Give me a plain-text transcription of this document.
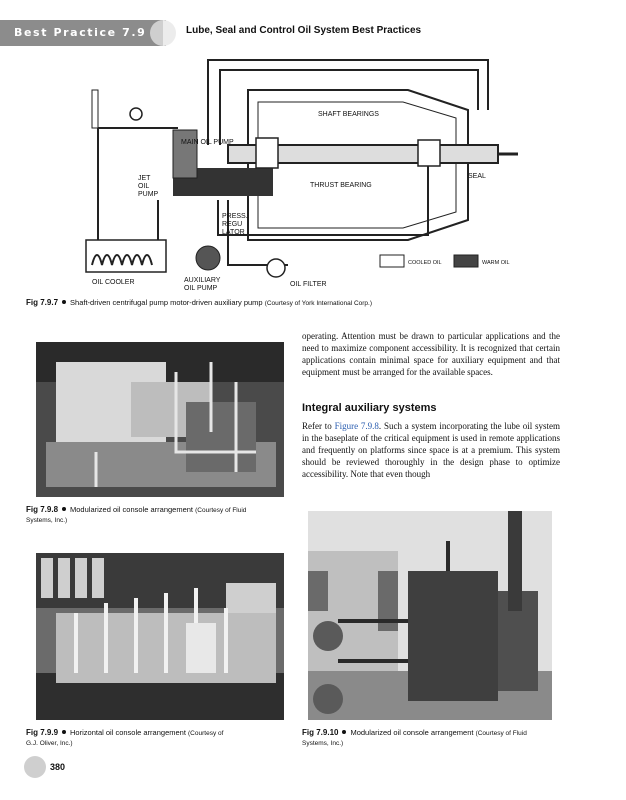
Best Practice 7.9	Lube, Seal and Control Oil System Best Practices
SHAFT BEARINGS
MAIN OIL PUMP
JET
OIL
PUMP
SEAL
THRUST BEARING
PRESS.
REGU
LATOR
OIL COOLER	AUXILIARY
OIL PUMP
OIL FILTER
COOLED OIL	WARM OIL
Fig 7.9.7 Shaft-driven centrifugal pump motor-driven auxiliary pump (Courtesy of York International Corp.)
Fig 7.9.8 Modularized oil console arrangement (Courtesy of Fluid
Systems, Inc.)
operating. Attention must be drawn to particular applications and the need to maximize component accessibility. It is recognized that certain applications contain minimal space for auxiliary equipment and that equipment must be arranged for the available spaces.
Integral auxiliary systems
Refer to Figure 7.9.8. Such a system incorporating the lube oil system in the baseplate of the critical equipment is used in remote applications and frequently on platforms since space is at a premium. This system should be reviewed thoroughly in the design phase to optimize accessibility. Note that even though
Fig 7.9.9 Horizontal oil console arrangement (Courtesy of
G.J. Oliver, Inc.)
Fig 7.9.10 Modularized oil console arrangement (Courtesy of Fluid
Systems, Inc.)
380
